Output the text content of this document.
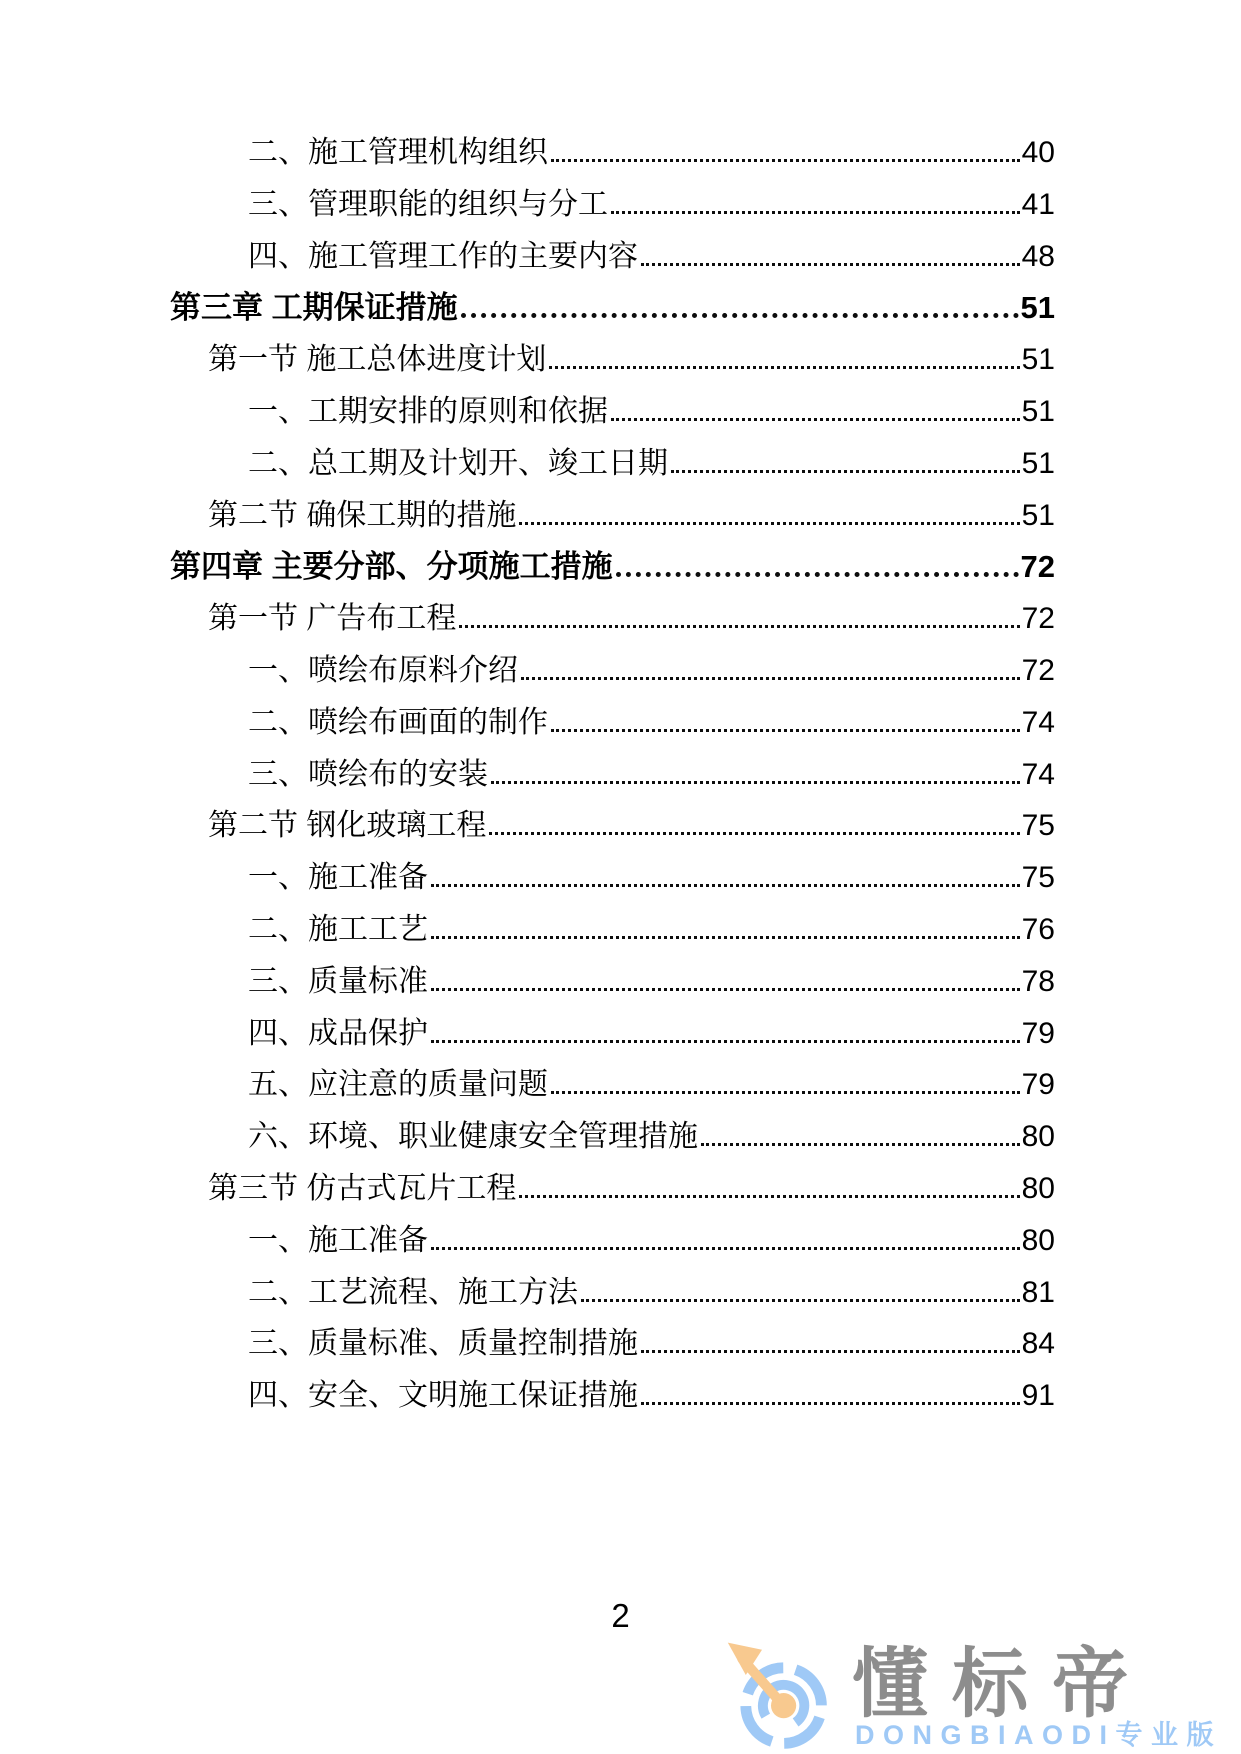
二、施工管理机构组织	40
三、管理职能的组织与分工	41
四、施工管理工作的主要内容	48
第三章 工期保证措施	51
第一节 施工总体进度计划	51
一、工期安排的原则和依据	51
二、总工期及计划开、竣工日期	51
第二节 确保工期的措施	51
第四章 主要分部、分项施工措施	72
第一节 广告布工程	72
一、喷绘布原料介绍	72
二、喷绘布画面的制作	74
三、喷绘布的安装	74
第二节 钢化玻璃工程	75
一、施工准备	75
二、施工工艺	76
三、质量标准	78
四、成品保护	79
五、应注意的质量问题	79
六、环境、职业健康安全管理措施	80
第三节 仿古式瓦片工程	80
一、施工准备	80
二、工艺流程、施工方法	81
三、质量标准、质量控制措施	84
四、安全、文明施工保证措施	91
2
懂标帝
DONGBIAODI专业版
